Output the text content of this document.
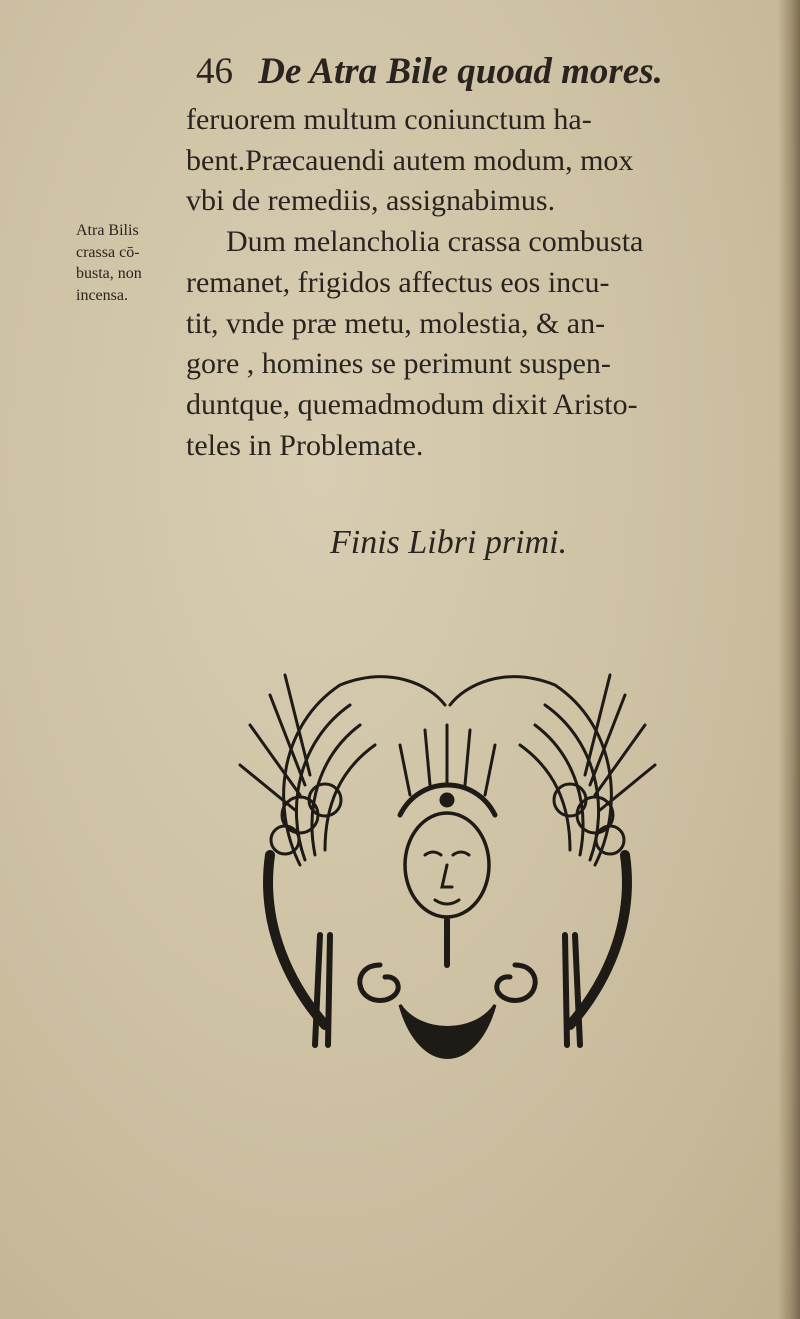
46 De Atra Bile quoad mores.
feruorem multum coniunctum ha-
bent.Præcauendi autem modum, mox
vbi de remediis, assignabimus.
Dum melancholia crassa combusta
remanet, frigidos affectus eos incu-
tit, vnde præ metu, molestia, & an-
gore , homines se perimunt suspen-
duntque, quemadmodum dixit Aristo-
teles in Problemate.
Atra Bilis
crassa cō-
busta, non
incensa.
Finis Libri primi.
